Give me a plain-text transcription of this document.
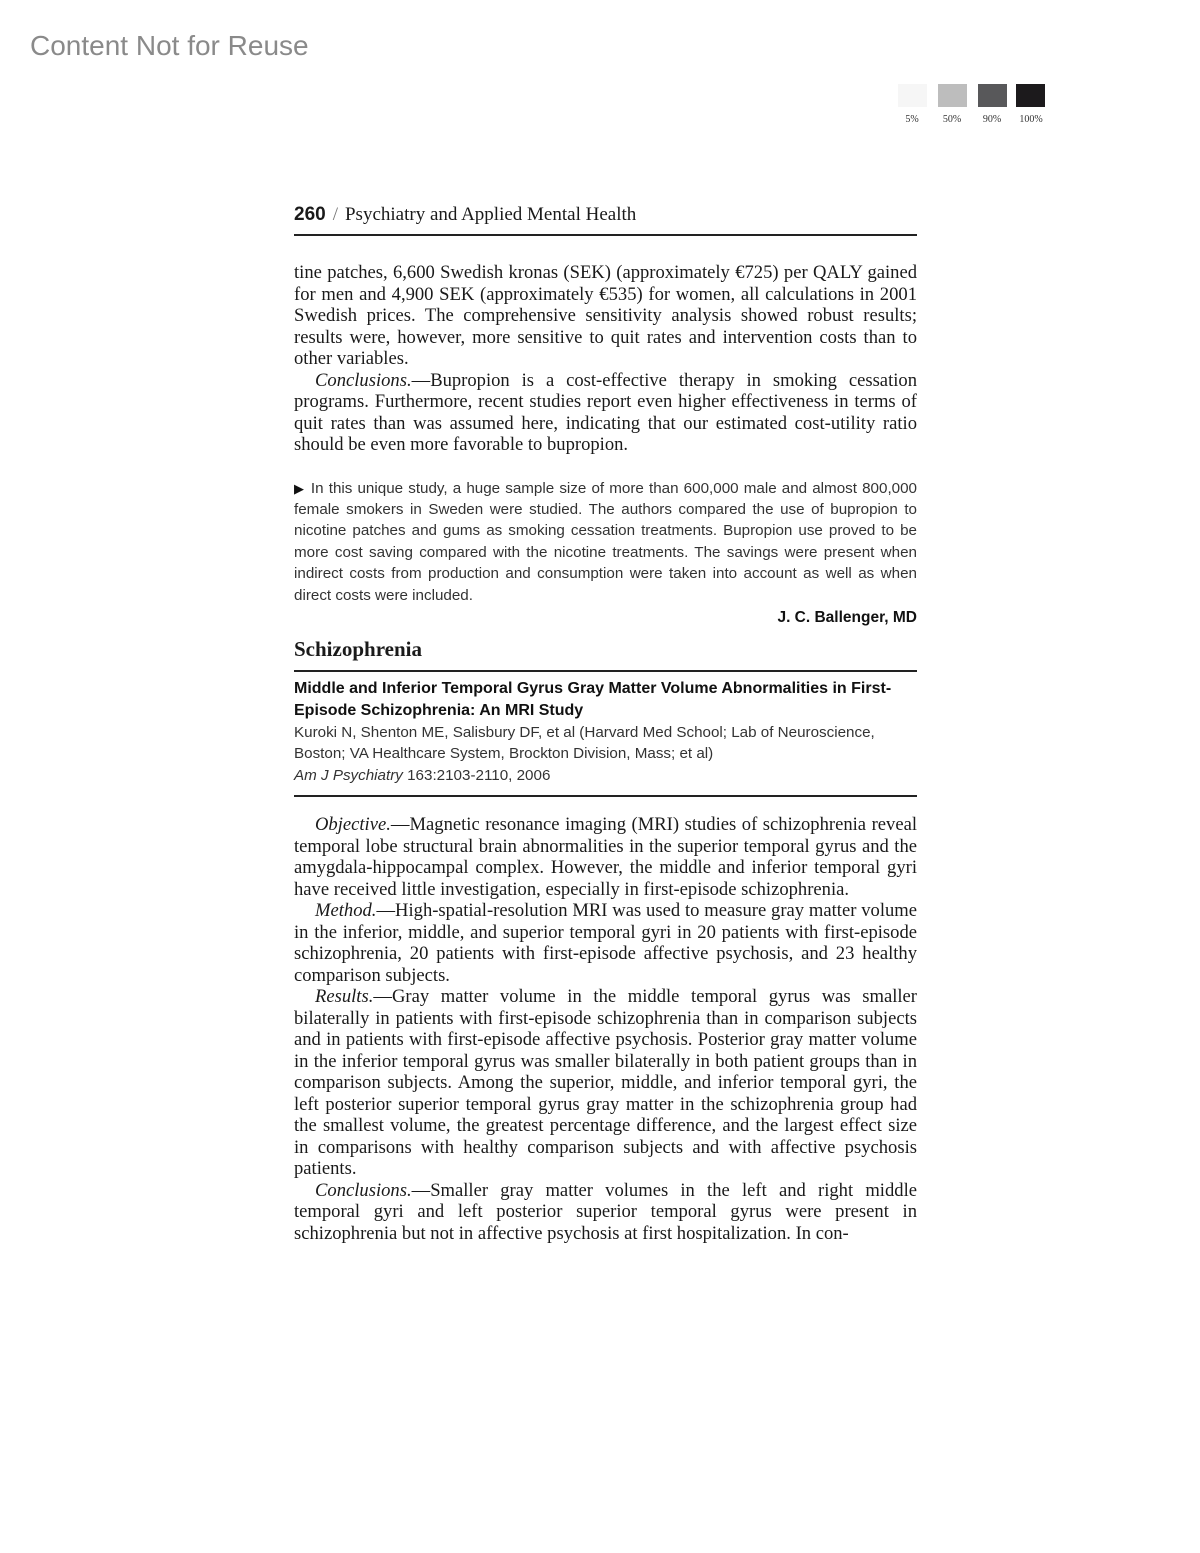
Content Not for Reuse
5%	50%	90%	100%
260 / Psychiatry and Applied Mental Health

tine patches, 6,600 Swedish kronas (SEK) (approximately €725) per QALY gained for men and 4,900 SEK (approximately €535) for women, all calculations in 2001 Swedish prices. The comprehensive sensitivity analysis showed robust results; results were, however, more sensitive to quit rates and intervention costs than to other variables.

Conclusions.—Bupropion is a cost-effective therapy in smoking cessation programs. Furthermore, recent studies report even higher effectiveness in terms of quit rates than was assumed here, indicating that our estimated cost-utility ratio should be even more favorable to bupropion.

▶ In this unique study, a huge sample size of more than 600,000 male and almost 800,000 female smokers in Sweden were studied. The authors compared the use of bupropion to nicotine patches and gums as smoking cessation treatments. Bupropion use proved to be more cost saving compared with the nicotine treatments. The savings were present when indirect costs from production and consumption were taken into account as well as when direct costs were included.

J. C. Ballenger, MD
Schizophrenia
Middle and Inferior Temporal Gyrus Gray Matter Volume Abnormalities in First-Episode Schizophrenia: An MRI Study
Kuroki N, Shenton ME, Salisbury DF, et al (Harvard Med School; Lab of Neuroscience, Boston; VA Healthcare System, Brockton Division, Mass; et al)
Am J Psychiatry 163:2103-2110, 2006

Objective.—Magnetic resonance imaging (MRI) studies of schizophrenia reveal temporal lobe structural brain abnormalities in the superior temporal gyrus and the amygdala-hippocampal complex. However, the middle and inferior temporal gyri have received little investigation, especially in first-episode schizophrenia.

Method.—High-spatial-resolution MRI was used to measure gray matter volume in the inferior, middle, and superior temporal gyri in 20 patients with first-episode schizophrenia, 20 patients with first-episode affective psychosis, and 23 healthy comparison subjects.

Results.—Gray matter volume in the middle temporal gyrus was smaller bilaterally in patients with first-episode schizophrenia than in comparison subjects and in patients with first-episode affective psychosis. Posterior gray matter volume in the inferior temporal gyrus was smaller bilaterally in both patient groups than in comparison subjects. Among the superior, middle, and inferior temporal gyri, the left posterior superior temporal gyrus gray matter in the schizophrenia group had the smallest volume, the greatest percentage difference, and the largest effect size in comparisons with healthy comparison subjects and with affective psychosis patients.

Conclusions.—Smaller gray matter volumes in the left and right middle temporal gyri and left posterior superior temporal gyrus were present in schizophrenia but not in affective psychosis at first hospitalization. In con-
